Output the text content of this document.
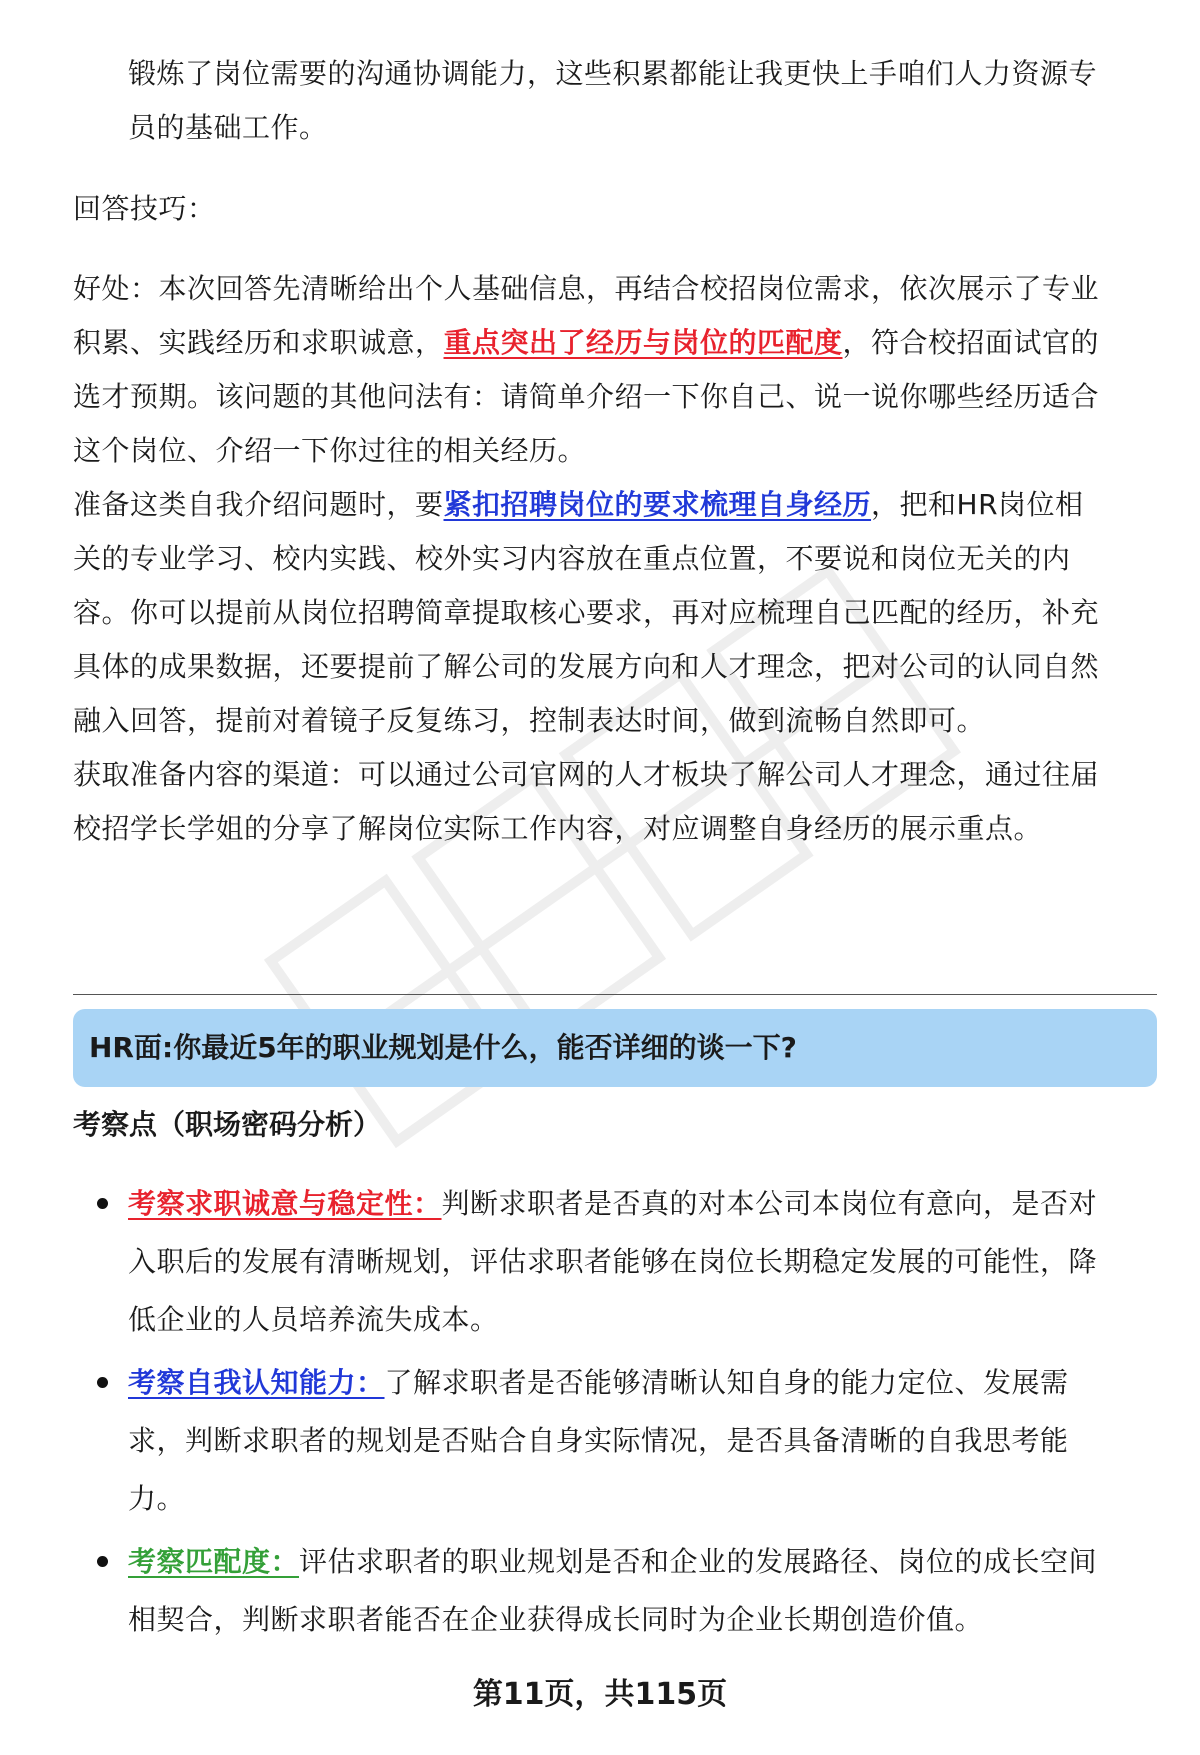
锻炼了岗位需要的沟通协调能力，这些积累都能让我更快上手咱们人力资源专

员的基础工作。

回答技巧：

好处：本次回答先清晰给出个人基础信息，再结合校招岗位需求，依次展示了专业

积累、实践经历和求职诚意，重点突出了经历与岗位的匹配度，符合校招面试官的

选才预期。该问题的其他问法有：请简单介绍一下你自己、说一说你哪些经历适合

这个岗位、介绍一下你过往的相关经历。

准备这类自我介绍问题时，要紧扣招聘岗位的要求梳理自身经历，把和HR岗位相

关的专业学习、校内实践、校外实习内容放在重点位置，不要说和岗位无关的内

容。你可以提前从岗位招聘简章提取核心要求，再对应梳理自己匹配的经历，补充

具体的成果数据，还要提前了解公司的发展方向和人才理念，把对公司的认同自然

融入回答，提前对着镜子反复练习，控制表达时间，做到流畅自然即可。

获取准备内容的渠道：可以通过公司官网的人才板块了解公司人才理念，通过往届

校招学长学姐的分享了解岗位实际工作内容，对应调整自身经历的展示重点。

HR面:你最近5年的职业规划是什么，能否详细的谈一下?

考察点（职场密码分析）

考察求职诚意与稳定性：判断求职者是否真的对本公司本岗位有意向，是否对

入职后的发展有清晰规划，评估求职者能够在岗位长期稳定发展的可能性，降

低企业的人员培养流失成本。

考察自我认知能力：了解求职者是否能够清晰认知自身的能力定位、发展需

求，判断求职者的规划是否贴合自身实际情况，是否具备清晰的自我思考能

力。

考察匹配度：评估求职者的职业规划是否和企业的发展路径、岗位的成长空间

相契合，判断求职者能否在企业获得成长同时为企业长期创造价值。

第11页，共115页
